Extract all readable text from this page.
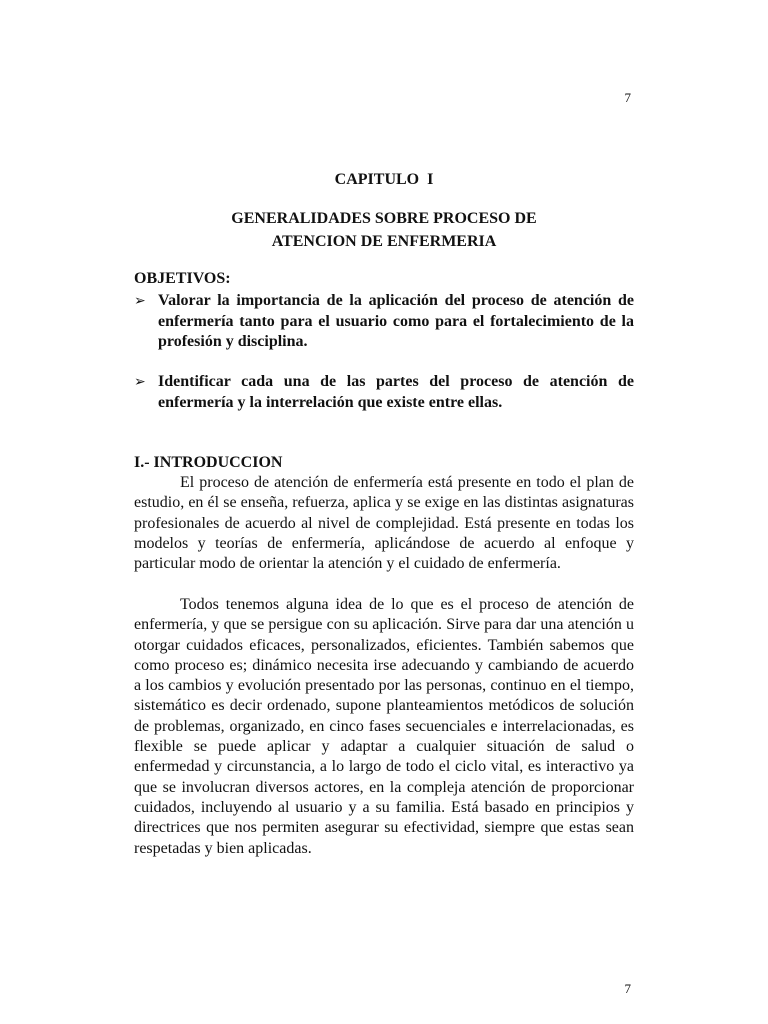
7
CAPITULO  I
GENERALIDADES SOBRE PROCESO DE
ATENCION DE ENFERMERIA
OBJETIVOS:
➢ Valorar la importancia de la aplicación del proceso de atención de enfermería tanto para el usuario como para el fortalecimiento de la profesión y disciplina.
➢ Identificar cada una de las partes del proceso de atención de enfermería y la interrelación que existe entre ellas.
I.- INTRODUCCION

El proceso de atención de enfermería está presente en todo el plan de estudio, en él se enseña, refuerza, aplica y se exige en las distintas asignaturas profesionales de acuerdo al nivel de complejidad. Está presente en todas los modelos y teorías de enfermería, aplicándose de acuerdo al enfoque y particular modo de orientar la atención y el cuidado de enfermería.

Todos tenemos alguna idea de lo que es el proceso de atención de enfermería, y que se persigue con su aplicación. Sirve para dar una atención u otorgar cuidados eficaces, personalizados, eficientes. También sabemos que como proceso es; dinámico necesita irse adecuando y cambiando de acuerdo a los cambios y evolución presentado por las personas, continuo en el tiempo, sistemático es decir ordenado, supone planteamientos metódicos de solución de problemas, organizado, en cinco fases secuenciales e interrelacionadas, es flexible se puede aplicar y adaptar a cualquier situación de salud o enfermedad y circunstancia, a lo largo de todo el ciclo vital, es interactivo ya que se involucran diversos actores, en la compleja atención de proporcionar cuidados, incluyendo al usuario y a su familia. Está basado en principios y directrices que nos permiten asegurar su efectividad, siempre que estas sean respetadas y bien aplicadas.

7
